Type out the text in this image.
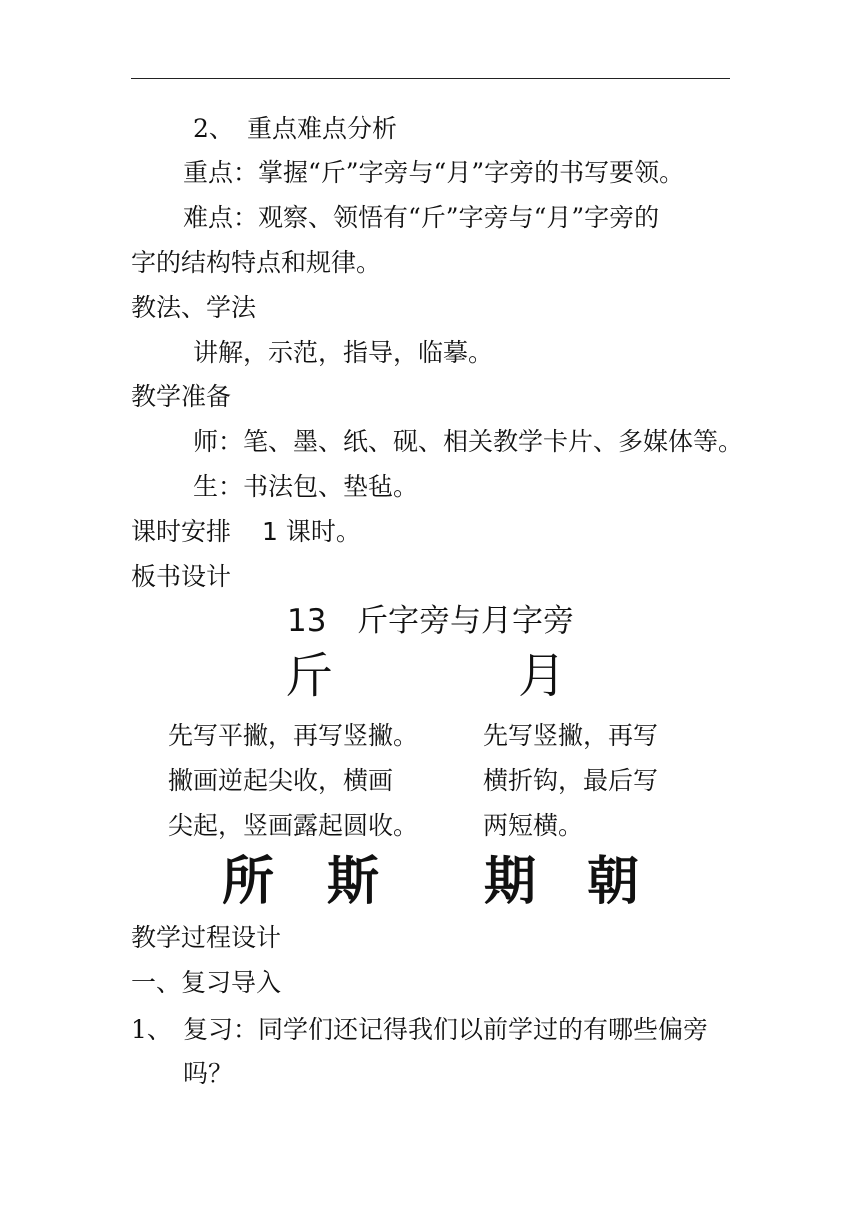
2、 重点难点分析
重点：掌握“斤”字旁与“月”字旁的书写要领。
难点：观察、领悟有“斤”字旁与“月”字旁的
字的结构特点和规律。
教法、学法
讲解，示范，指导，临摹。
教学准备
师：笔、墨、纸、砚、相关教学卡片、多媒体等。
生：书法包、垫毡。
课时安排 1 课时。
板书设计
13 斤字旁与月字旁
斤	月
先写平撇，再写竖撇。
撇画逆起尖收，横画
尖起，竖画露起圆收。
先写竖撇，再写
横折钩，最后写
两短横。
所 斯 期 朝
教学过程设计
一、复习导入
1、 复习：同学们还记得我们以前学过的有哪些偏旁
吗？
